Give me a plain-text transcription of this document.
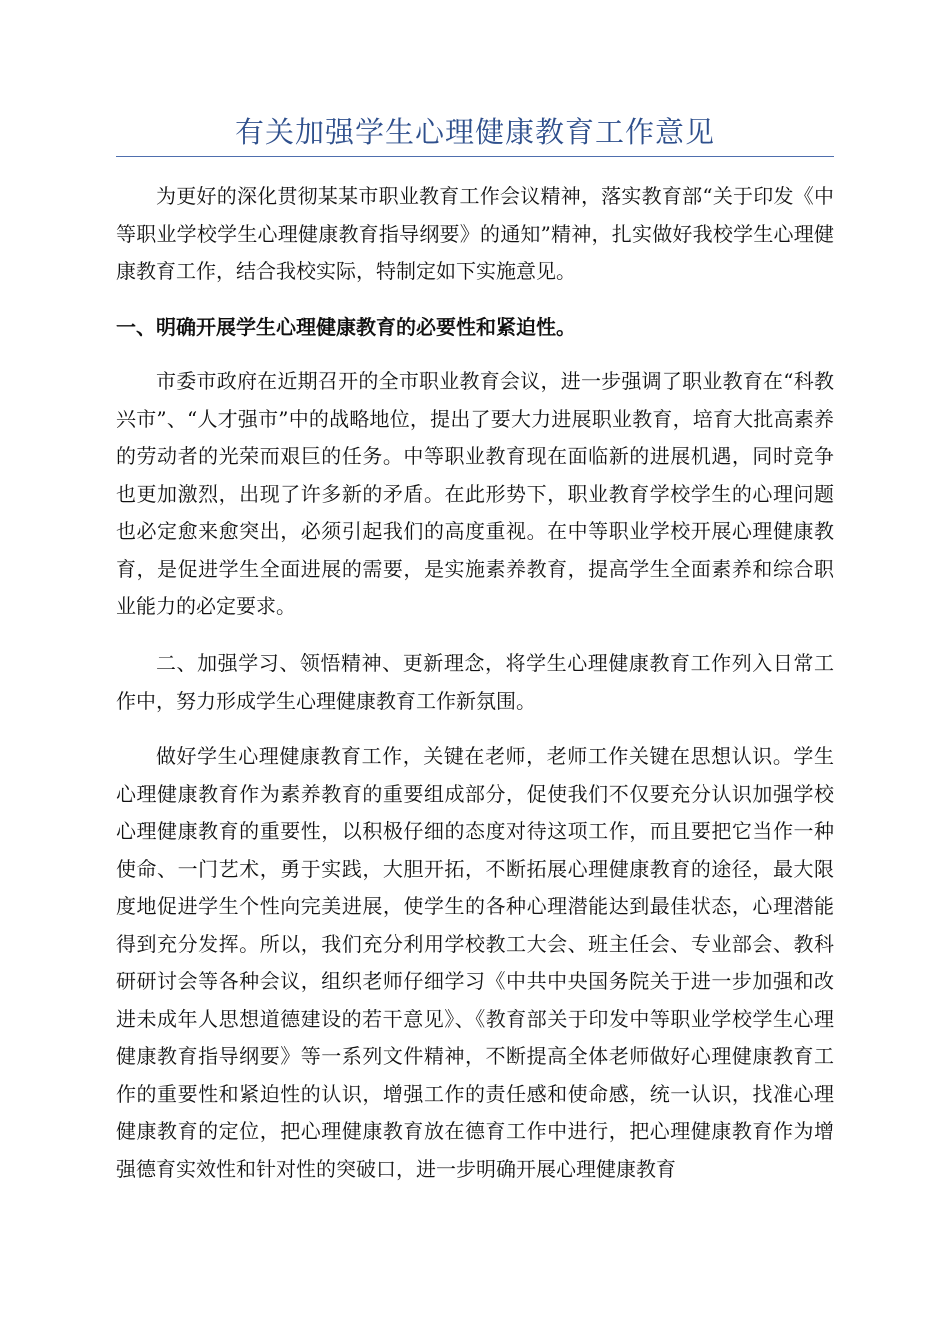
有关加强学生心理健康教育工作意见

为更好的深化贯彻某某市职业教育工作会议精神，落实教育部“关于印发《中等职业学校学生心理健康教育指导纲要》的通知”精神，扎实做好我校学生心理健康教育工作，结合我校实际，特制定如下实施意见。

一、明确开展学生心理健康教育的必要性和紧迫性。

市委市政府在近期召开的全市职业教育会议，进一步强调了职业教育在“科教兴市”、“人才强市”中的战略地位，提出了要大力进展职业教育，培育大批高素养的劳动者的光荣而艰巨的任务。中等职业教育现在面临新的进展机遇，同时竞争也更加激烈，出现了许多新的矛盾。在此形势下，职业教育学校学生的心理问题也必定愈来愈突出，必须引起我们的高度重视。在中等职业学校开展心理健康教育，是促进学生全面进展的需要，是实施素养教育，提高学生全面素养和综合职业能力的必定要求。

二、加强学习、领悟精神、更新理念，将学生心理健康教育工作列入日常工作中，努力形成学生心理健康教育工作新氛围。

做好学生心理健康教育工作，关键在老师，老师工作关键在思想认识。学生心理健康教育作为素养教育的重要组成部分，促使我们不仅要充分认识加强学校心理健康教育的重要性，以积极仔细的态度对待这项工作，而且要把它当作一种使命、一门艺术，勇于实践，大胆开拓，不断拓展心理健康教育的途径，最大限度地促进学生个性向完美进展，使学生的各种心理潜能达到最佳状态，心理潜能得到充分发挥。所以，我们充分利用学校教工大会、班主任会、专业部会、教科研研讨会等各种会议，组织老师仔细学习《中共中央国务院关于进一步加强和改进未成年人思想道德建设的若干意见》、《教育部关于印发中等职业学校学生心理健康教育指导纲要》等一系列文件精神，不断提高全体老师做好心理健康教育工作的重要性和紧迫性的认识，增强工作的责任感和使命感，统一认识，找准心理健康教育的定位，把心理健康教育放在德育工作中进行，把心理健康教育作为增强德育实效性和针对性的突破口，进一步明确开展心理健康教育
